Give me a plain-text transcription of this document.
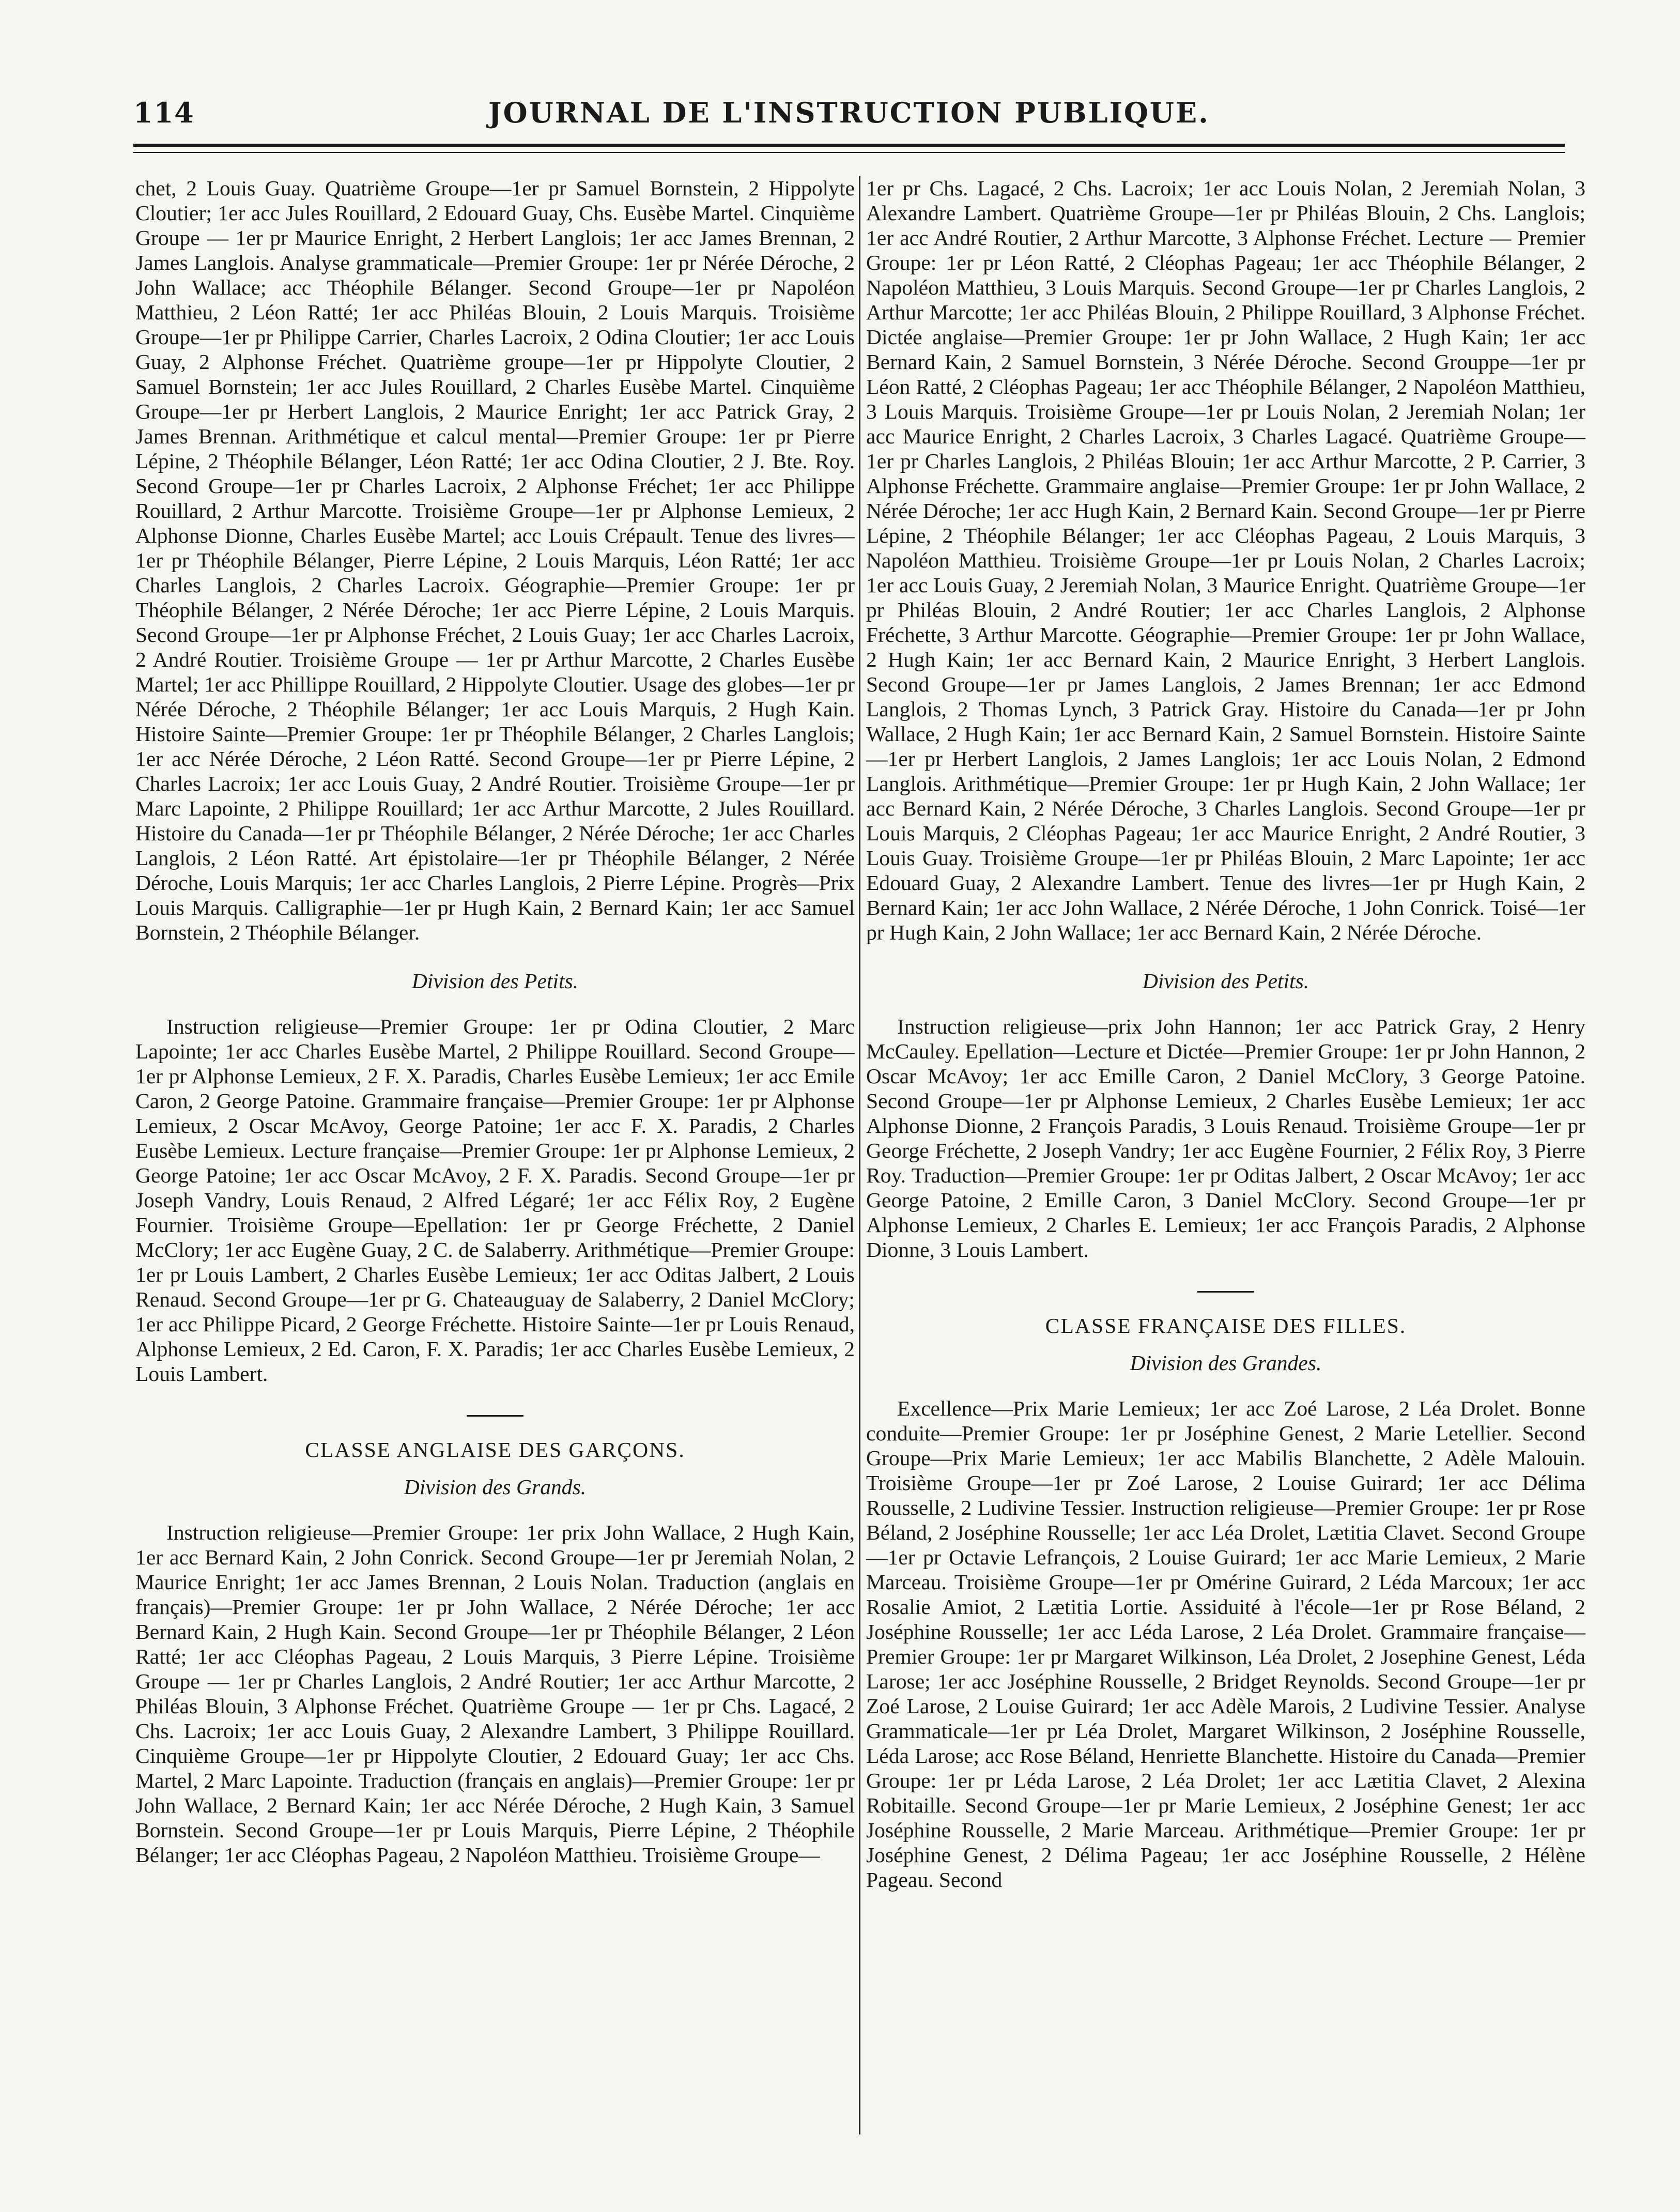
114	JOURNAL DE L'INSTRUCTION PUBLIQUE.

chet, 2 Louis Guay. Quatrième Groupe—1er pr Samuel Bornstein, 2 Hippolyte Cloutier; 1er acc Jules Rouillard, 2 Edouard Guay, Chs. Eusèbe Martel. Cinquième Groupe — 1er pr Maurice Enright, 2 Herbert Langlois; 1er acc James Brennan, 2 James Langlois. Analyse grammaticale—Premier Groupe: 1er pr Nérée Déroche, 2 John Wallace; acc Théophile Bélanger. Second Groupe—1er pr Napoléon Matthieu, 2 Léon Ratté; 1er acc Philéas Blouin, 2 Louis Marquis. Troisième Groupe—1er pr Philippe Carrier, Charles Lacroix, 2 Odina Cloutier; 1er acc Louis Guay, 2 Alphonse Fréchet. Quatrième groupe—1er pr Hippolyte Cloutier, 2 Samuel Bornstein; 1er acc Jules Rouillard, 2 Charles Eusèbe Martel. Cinquième Groupe—1er pr Herbert Langlois, 2 Maurice Enright; 1er acc Patrick Gray, 2 James Brennan. Arithmétique et calcul mental—Premier Groupe: 1er pr Pierre Lépine, 2 Théophile Bélanger, Léon Ratté; 1er acc Odina Cloutier, 2 J. Bte. Roy. Second Groupe—1er pr Charles Lacroix, 2 Alphonse Fréchet; 1er acc Philippe Rouillard, 2 Arthur Marcotte. Troisième Groupe—1er pr Alphonse Lemieux, 2 Alphonse Dionne, Charles Eusèbe Martel; acc Louis Crépault. Tenue des livres—1er pr Théophile Bélanger, Pierre Lépine, 2 Louis Marquis, Léon Ratté; 1er acc Charles Langlois, 2 Charles Lacroix. Géographie—Premier Groupe: 1er pr Théophile Bélanger, 2 Nérée Déroche; 1er acc Pierre Lépine, 2 Louis Marquis. Second Groupe—1er pr Alphonse Fréchet, 2 Louis Guay; 1er acc Charles Lacroix, 2 André Routier. Troisième Groupe — 1er pr Arthur Marcotte, 2 Charles Eusèbe Martel; 1er acc Phillippe Rouillard, 2 Hippolyte Cloutier. Usage des globes—1er pr Nérée Déroche, 2 Théophile Bélanger; 1er acc Louis Marquis, 2 Hugh Kain. Histoire Sainte—Premier Groupe: 1er pr Théophile Bélanger, 2 Charles Langlois; 1er acc Nérée Déroche, 2 Léon Ratté. Second Groupe—1er pr Pierre Lépine, 2 Charles Lacroix; 1er acc Louis Guay, 2 André Routier. Troisième Groupe—1er pr Marc Lapointe, 2 Philippe Rouillard; 1er acc Arthur Marcotte, 2 Jules Rouillard. Histoire du Canada—1er pr Théophile Bélanger, 2 Nérée Déroche; 1er acc Charles Langlois, 2 Léon Ratté. Art épistolaire—1er pr Théophile Bélanger, 2 Nérée Déroche, Louis Marquis; 1er acc Charles Langlois, 2 Pierre Lépine. Progrès—Prix Louis Marquis. Calligraphie—1er pr Hugh Kain, 2 Bernard Kain; 1er acc Samuel Bornstein, 2 Théophile Bélanger.

Division des Petits.

Instruction religieuse—Premier Groupe: 1er pr Odina Cloutier, 2 Marc Lapointe; 1er acc Charles Eusèbe Martel, 2 Philippe Rouillard. Second Groupe—1er pr Alphonse Lemieux, 2 F. X. Paradis, Charles Eusèbe Lemieux; 1er acc Emile Caron, 2 George Patoine. Grammaire française—Premier Groupe: 1er pr Alphonse Lemieux, 2 Oscar McAvoy, George Patoine; 1er acc F. X. Paradis, 2 Charles Eusèbe Lemieux. Lecture française—Premier Groupe: 1er pr Alphonse Lemieux, 2 George Patoine; 1er acc Oscar McAvoy, 2 F. X. Paradis. Second Groupe—1er pr Joseph Vandry, Louis Renaud, 2 Alfred Légaré; 1er acc Félix Roy, 2 Eugène Fournier. Troisième Groupe—Epellation: 1er pr George Fréchette, 2 Daniel McClory; 1er acc Eugène Guay, 2 C. de Salaberry. Arithmétique—Premier Groupe: 1er pr Louis Lambert, 2 Charles Eusèbe Lemieux; 1er acc Oditas Jalbert, 2 Louis Renaud. Second Groupe—1er pr G. Chateauguay de Salaberry, 2 Daniel McClory; 1er acc Philippe Picard, 2 George Fréchette. Histoire Sainte—1er pr Louis Renaud, Alphonse Lemieux, 2 Ed. Caron, F. X. Paradis; 1er acc Charles Eusèbe Lemieux, 2 Louis Lambert.

CLASSE ANGLAISE DES GARÇONS.

Division des Grands.

Instruction religieuse—Premier Groupe: 1er prix John Wallace, 2 Hugh Kain, 1er acc Bernard Kain, 2 John Conrick. Second Groupe—1er pr Jeremiah Nolan, 2 Maurice Enright; 1er acc James Brennan, 2 Louis Nolan. Traduction (anglais en français)—Premier Groupe: 1er pr John Wallace, 2 Nérée Déroche; 1er acc Bernard Kain, 2 Hugh Kain. Second Groupe—1er pr Théophile Bélanger, 2 Léon Ratté; 1er acc Cléophas Pageau, 2 Louis Marquis, 3 Pierre Lépine. Troisième Groupe — 1er pr Charles Langlois, 2 André Routier; 1er acc Arthur Marcotte, 2 Philéas Blouin, 3 Alphonse Fréchet. Quatrième Groupe — 1er pr Chs. Lagacé, 2 Chs. Lacroix; 1er acc Louis Guay, 2 Alexandre Lambert, 3 Philippe Rouillard. Cinquième Groupe—1er pr Hippolyte Cloutier, 2 Edouard Guay; 1er acc Chs. Martel, 2 Marc Lapointe. Traduction (français en anglais)—Premier Groupe: 1er pr John Wallace, 2 Bernard Kain; 1er acc Nérée Déroche, 2 Hugh Kain, 3 Samuel Bornstein. Second Groupe—1er pr Louis Marquis, Pierre Lépine, 2 Théophile Bélanger; 1er acc Cléophas Pageau, 2 Napoléon Matthieu. Troisième Groupe—

1er pr Chs. Lagacé, 2 Chs. Lacroix; 1er acc Louis Nolan, 2 Jeremiah Nolan, 3 Alexandre Lambert. Quatrième Groupe—1er pr Philéas Blouin, 2 Chs. Langlois; 1er acc André Routier, 2 Arthur Marcotte, 3 Alphonse Fréchet. Lecture — Premier Groupe: 1er pr Léon Ratté, 2 Cléophas Pageau; 1er acc Théophile Bélanger, 2 Napoléon Matthieu, 3 Louis Marquis. Second Groupe—1er pr Charles Langlois, 2 Arthur Marcotte; 1er acc Philéas Blouin, 2 Philippe Rouillard, 3 Alphonse Fréchet. Dictée anglaise—Premier Groupe: 1er pr John Wallace, 2 Hugh Kain; 1er acc Bernard Kain, 2 Samuel Bornstein, 3 Nérée Déroche. Second Grouppe—1er pr Léon Ratté, 2 Cléophas Pageau; 1er acc Théophile Bélanger, 2 Napoléon Matthieu, 3 Louis Marquis. Troisième Groupe—1er pr Louis Nolan, 2 Jeremiah Nolan; 1er acc Maurice Enright, 2 Charles Lacroix, 3 Charles Lagacé. Quatrième Groupe—1er pr Charles Langlois, 2 Philéas Blouin; 1er acc Arthur Marcotte, 2 P. Carrier, 3 Alphonse Fréchette. Grammaire anglaise—Premier Groupe: 1er pr John Wallace, 2 Nérée Déroche; 1er acc Hugh Kain, 2 Bernard Kain. Second Groupe—1er pr Pierre Lépine, 2 Théophile Bélanger; 1er acc Cléophas Pageau, 2 Louis Marquis, 3 Napoléon Matthieu. Troisième Groupe—1er pr Louis Nolan, 2 Charles Lacroix; 1er acc Louis Guay, 2 Jeremiah Nolan, 3 Maurice Enright. Quatrième Groupe—1er pr Philéas Blouin, 2 André Routier; 1er acc Charles Langlois, 2 Alphonse Fréchette, 3 Arthur Marcotte. Géographie—Premier Groupe: 1er pr John Wallace, 2 Hugh Kain; 1er acc Bernard Kain, 2 Maurice Enright, 3 Herbert Langlois. Second Groupe—1er pr James Langlois, 2 James Brennan; 1er acc Edmond Langlois, 2 Thomas Lynch, 3 Patrick Gray. Histoire du Canada—1er pr John Wallace, 2 Hugh Kain; 1er acc Bernard Kain, 2 Samuel Bornstein. Histoire Sainte—1er pr Herbert Langlois, 2 James Langlois; 1er acc Louis Nolan, 2 Edmond Langlois. Arithmétique—Premier Groupe: 1er pr Hugh Kain, 2 John Wallace; 1er acc Bernard Kain, 2 Nérée Déroche, 3 Charles Langlois. Second Groupe—1er pr Louis Marquis, 2 Cléophas Pageau; 1er acc Maurice Enright, 2 André Routier, 3 Louis Guay. Troisième Groupe—1er pr Philéas Blouin, 2 Marc Lapointe; 1er acc Edouard Guay, 2 Alexandre Lambert. Tenue des livres—1er pr Hugh Kain, 2 Bernard Kain; 1er acc John Wallace, 2 Nérée Déroche, 1 John Conrick. Toisé—1er pr Hugh Kain, 2 John Wallace; 1er acc Bernard Kain, 2 Nérée Déroche.

Division des Petits.

Instruction religieuse—prix John Hannon; 1er acc Patrick Gray, 2 Henry McCauley. Epellation—Lecture et Dictée—Premier Groupe: 1er pr John Hannon, 2 Oscar McAvoy; 1er acc Emille Caron, 2 Daniel McClory, 3 George Patoine. Second Groupe—1er pr Alphonse Lemieux, 2 Charles Eusèbe Lemieux; 1er acc Alphonse Dionne, 2 François Paradis, 3 Louis Renaud. Troisième Groupe—1er pr George Fréchette, 2 Joseph Vandry; 1er acc Eugène Fournier, 2 Félix Roy, 3 Pierre Roy. Traduction—Premier Groupe: 1er pr Oditas Jalbert, 2 Oscar McAvoy; 1er acc George Patoine, 2 Emille Caron, 3 Daniel McClory. Second Groupe—1er pr Alphonse Lemieux, 2 Charles E. Lemieux; 1er acc François Paradis, 2 Alphonse Dionne, 3 Louis Lambert.

CLASSE FRANÇAISE DES FILLES.

Division des Grandes.

Excellence—Prix Marie Lemieux; 1er acc Zoé Larose, 2 Léa Drolet. Bonne conduite—Premier Groupe: 1er pr Joséphine Genest, 2 Marie Letellier. Second Groupe—Prix Marie Lemieux; 1er acc Mabilis Blanchette, 2 Adèle Malouin. Troisième Groupe—1er pr Zoé Larose, 2 Louise Guirard; 1er acc Délima Rousselle, 2 Ludivine Tessier. Instruction religieuse—Premier Groupe: 1er pr Rose Béland, 2 Joséphine Rousselle; 1er acc Léa Drolet, Lætitia Clavet. Second Groupe—1er pr Octavie Lefrançois, 2 Louise Guirard; 1er acc Marie Lemieux, 2 Marie Marceau. Troisième Groupe—1er pr Omérine Guirard, 2 Léda Marcoux; 1er acc Rosalie Amiot, 2 Lætitia Lortie. Assiduité à l'école—1er pr Rose Béland, 2 Joséphine Rousselle; 1er acc Léda Larose, 2 Léa Drolet. Grammaire française—Premier Groupe: 1er pr Margaret Wilkinson, Léa Drolet, 2 Josephine Genest, Léda Larose; 1er acc Joséphine Rousselle, 2 Bridget Reynolds. Second Groupe—1er pr Zoé Larose, 2 Louise Guirard; 1er acc Adèle Marois, 2 Ludivine Tessier. Analyse Grammaticale—1er pr Léa Drolet, Margaret Wilkinson, 2 Joséphine Rousselle, Léda Larose; acc Rose Béland, Henriette Blanchette. Histoire du Canada—Premier Groupe: 1er pr Léda Larose, 2 Léa Drolet; 1er acc Lætitia Clavet, 2 Alexina Robitaille. Second Groupe—1er pr Marie Lemieux, 2 Joséphine Genest; 1er acc Joséphine Rousselle, 2 Marie Marceau. Arithmétique—Premier Groupe: 1er pr Joséphine Genest, 2 Délima Pageau; 1er acc Joséphine Rousselle, 2 Hélène Pageau. Second
